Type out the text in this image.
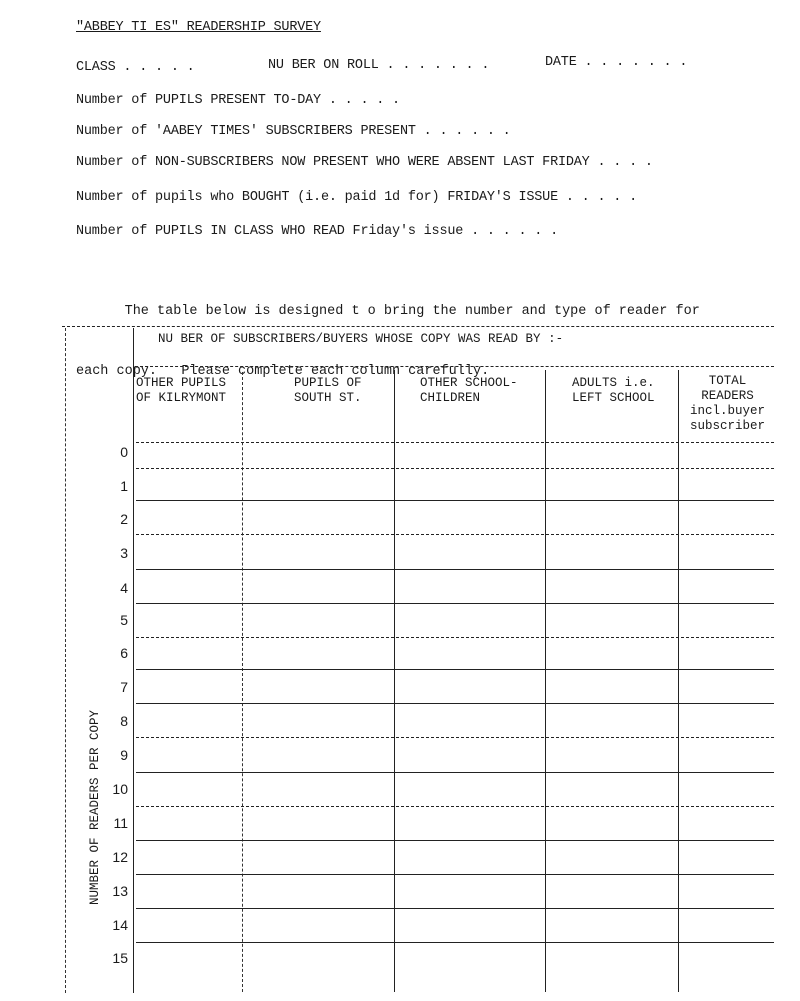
"ABBEY TI ES" READERSHIP SURVEY
CLASS . . . . .	NU BER ON ROLL . . . . . . .	DATE . . . . . . .
Number of PUPILS PRESENT TO-DAY . . . . .
Number of 'AABEY TIMES' SUBSCRIBERS PRESENT . . . . . .
Number of NON-SUBSCRIBERS NOW PRESENT WHO WERE ABSENT LAST FRIDAY . . . .
Number of pupils who BOUGHT (i.e. paid 1d for) FRIDAY'S ISSUE . . . . .
Number of PUPILS IN CLASS WHO READ Friday's issue . . . . . .

The table below is designed t o bring the number and type of reader for

each copy.   Please complete each column carefully.

NU BER OF SUBSCRIBERS/BUYERS WHOSE COPY WAS READ BY :-
OTHER PUPILS
OF KILRYMONT
PUPILS OF
SOUTH ST.
OTHER SCHOOL-
CHILDREN
ADULTS i.e.
LEFT SCHOOL
TOTAL
READERS
incl.buyer
subscriber
0
1
2
3
4
5
6
7
8
9
10
11
12
13
14
15
NUMBER OF READERS PER COPY
